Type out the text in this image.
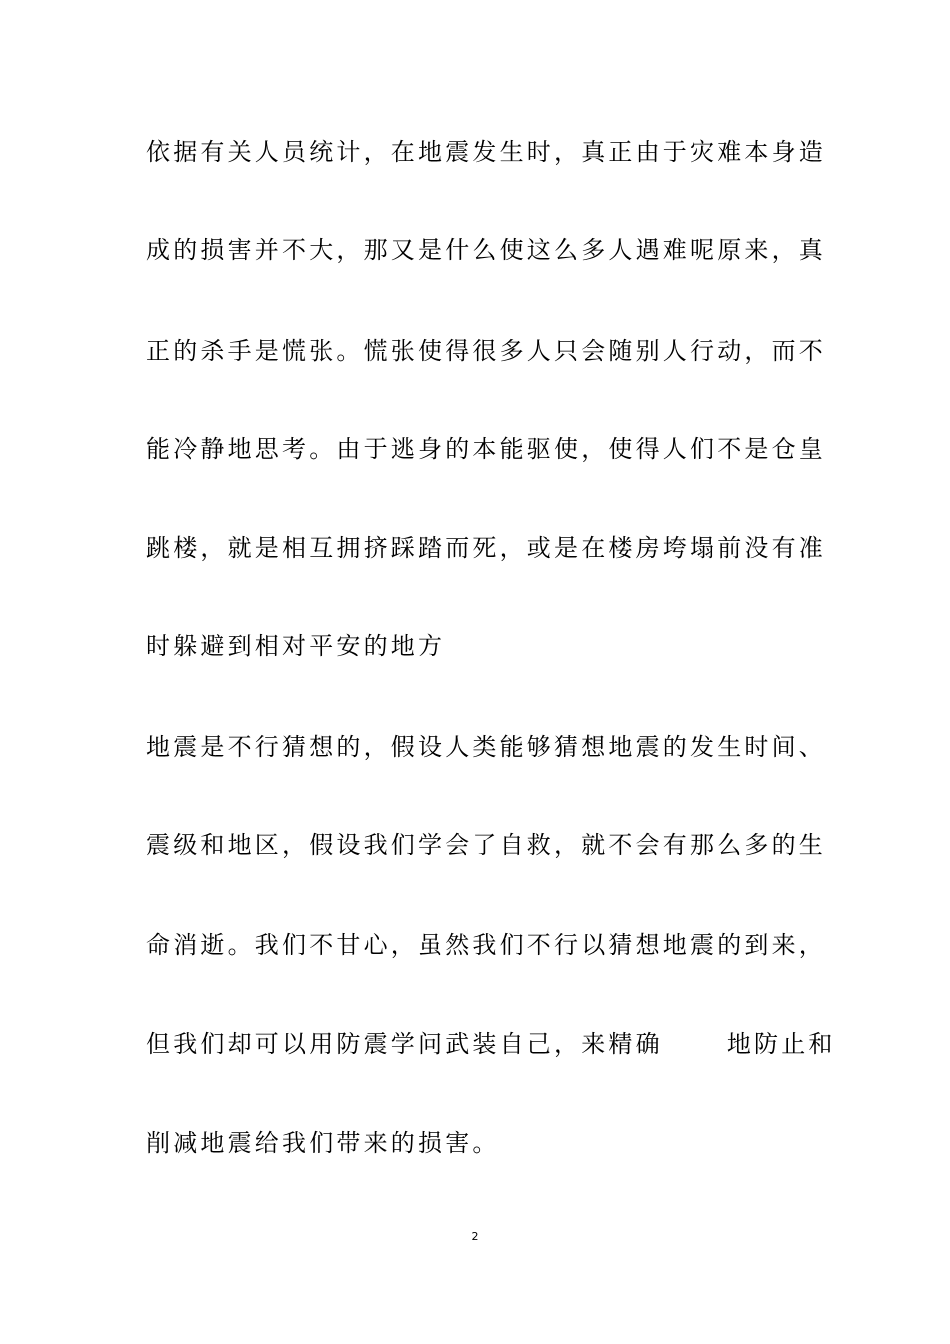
依据有关人员统计，在地震发生时，真正由于灾难本身造
成的损害并不大，那又是什么使这么多人遇难呢原来，真
正的杀手是慌张。慌张使得很多人只会随别人行动，而不
能冷静地思考。由于逃身的本能驱使，使得人们不是仓皇
跳楼，就是相互拥挤踩踏而死，或是在楼房垮塌前没有准
时躲避到相对平安的地方
地震是不行猜想的，假设人类能够猜想地震的发生时间、
震级和地区，假设我们学会了自救，就不会有那么多的生
命消逝。我们不甘心，虽然我们不行以猜想地震的到来，
但我们却可以用防震学问武装自己，来精确	地防止和
削减地震给我们带来的损害。
2
